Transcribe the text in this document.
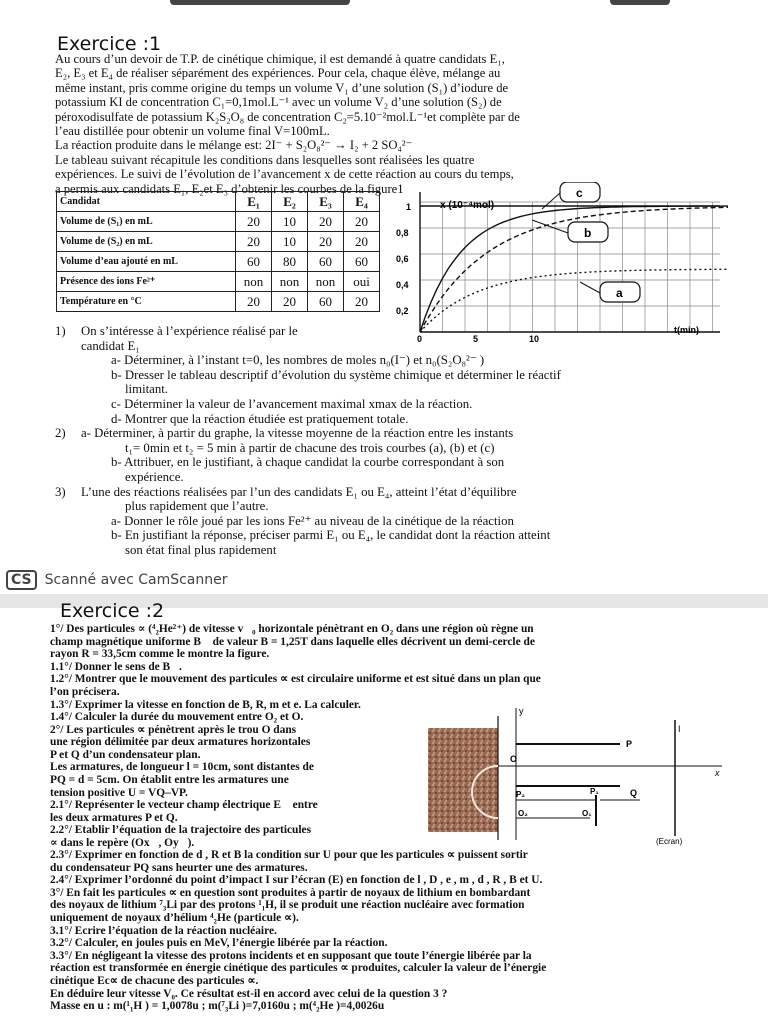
Exercice :1
Au cours d’un devoir de T.P. de cinétique chimique, il est demandé à quatre candidats E₁,
E₂, E₃ et E₄ de réaliser séparément des expériences. Pour cela, chaque élève, mélange au
même instant, pris comme origine du temps un volume V₁ d’une solution (S₁) d’iodure de
potassium KI de concentration C₁=0,1mol.L⁻¹ avec un volume V₂ d’une solution (S₂) de
péroxodisulfate de potassium K₂S₂O₈ de concentration C₂=5.10⁻²mol.L⁻¹et complète par de
l’eau distillée pour obtenir un volume final V=100mL.
La réaction produite dans le mélange est: 2I⁻ + S₂O₈²⁻ → I₂ + 2 SO₄²⁻
Le tableau suivant récapitule les conditions dans lesquelles sont réalisées les quatre
expériences. Le suivi de l’évolution de l’avancement x de cette réaction au cours du temps,
a permis aux candidats E₁, E₂et E₃ d’obtenir les courbes de la figure1
Candidat	E₁	E₂	E₃	E₄
Volume de (S₁) en mL	20	10	20	20
Volume de (S₂) en mL	20	10	20	20
Volume d’eau ajouté en mL	60	80	60	60
Présence des ions Fe²⁺	non	non	non	oui
Température en °C	20	20	60	20
x (10⁻⁴mol)
t(min)
1
0,8
0,6
0,4
0,2
0	5	10
c
b
a
1) On s’intéresse à l’expérience réalisé par le
candidat E₁
a- Déterminer, à l’instant t=0, les nombres de moles n₀(I⁻) et n₀(S₂O₈²⁻ )
b- Dresser le tableau descriptif d’évolution du système chimique et déterminer le réactif
limitant.
c- Déterminer la valeur de l’avancement maximal xmax de la réaction.
d- Montrer que la réaction étudiée est pratiquement totale.
2) a- Déterminer, à partir du graphe, la vitesse moyenne de la réaction entre les instants
t₁= 0min et t₂ = 5 min à partir de chacune des trois courbes (a), (b) et (c)
b- Attribuer, en le justifiant, à chaque candidat la courbe correspondant à son
expérience.
3) L’une des réactions réalisées par l’un des candidats E₁ ou E₄, atteint l’état d’équilibre
plus rapidement que l’autre.
a- Donner le rôle joué par les ions Fe²⁺ au niveau de la cinétique de la réaction
b- En justifiant la réponse, préciser parmi E₁ ou E₄, le candidat dont la réaction atteint
son état final plus rapidement
CS Scanné avec CamScanner
Exercice :2
1°/ Des particules ∝ (⁴₂He²⁺) de vitesse v⃗₀ horizontale pénètrant en O₂ dans une région où règne un
champ magnétique uniforme B⃗ de valeur B = 1,25T dans laquelle elles décrivent un demi-cercle de
rayon R = 33,5cm comme le montre la figure.
1.1°/ Donner le sens de B⃗.
1.2°/ Montrer que le mouvement des particules ∝ est circulaire uniforme et est situé dans un plan que
l’on précisera.
1.3°/ Exprimer la vitesse en fonction de B, R, m et e. La calculer.
1.4°/ Calculer la durée du mouvement entre O₂ et O.
2°/ Les particules ∝ pénètrent après le trou O dans
une région délimitée par deux armatures horizontales
P et Q d’un condensateur plan.
Les armatures, de longueur l = 10cm, sont distantes de
PQ = d = 5cm. On établit entre les armatures une
tension positive U = VQ–VP.
2.1°/ Représenter le vecteur champ électrique E⃗ entre
les deux armatures P et Q.
2.2°/ Etablir l’équation de la trajectoire des particules
∝ dans le repère (Ox⃗, Oy⃗).
y
x
P
O
P₂	P₁	Q
O₂	O₁
I
(Ecran)
2.3°/ Exprimer en fonction de d , R et B la condition sur U pour que les particules ∝ puissent sortir
du condensateur PQ sans heurter une des armatures.
2.4°/ Exprimer l’ordonné du point d’impact I sur l’écran (E) en fonction de l , D , e , m , d , R , B et U.
3°/ En fait les particules ∝ en question sont produites à partir de noyaux de lithium en bombardant
des noyaux de lithium ⁷₃Li par des protons ¹₁H, il se produit une réaction nucléaire avec formation
uniquement de noyaux d’hélium ⁴₂He (particule ∝).
3.1°/ Ecrire l’équation de la réaction nucléaire.
3.2°/ Calculer, en joules puis en MeV, l’énergie libérée par la réaction.
3.3°/ En négligeant la vitesse des protons incidents et en supposant que toute l’énergie libérée par la
réaction est transformée en énergie cinétique des particules ∝ produites, calculer la valeur de l’énergie
cinétique Ec∝ de chacune des particules ∝.
En déduire leur vitesse V₀. Ce résultat est-il en accord avec celui de la question 3 ?
Masse en u : m(¹₁H ) = 1,0078u ; m(⁷₃Li )=7,0160u ; m(⁴₂He )=4,0026u
